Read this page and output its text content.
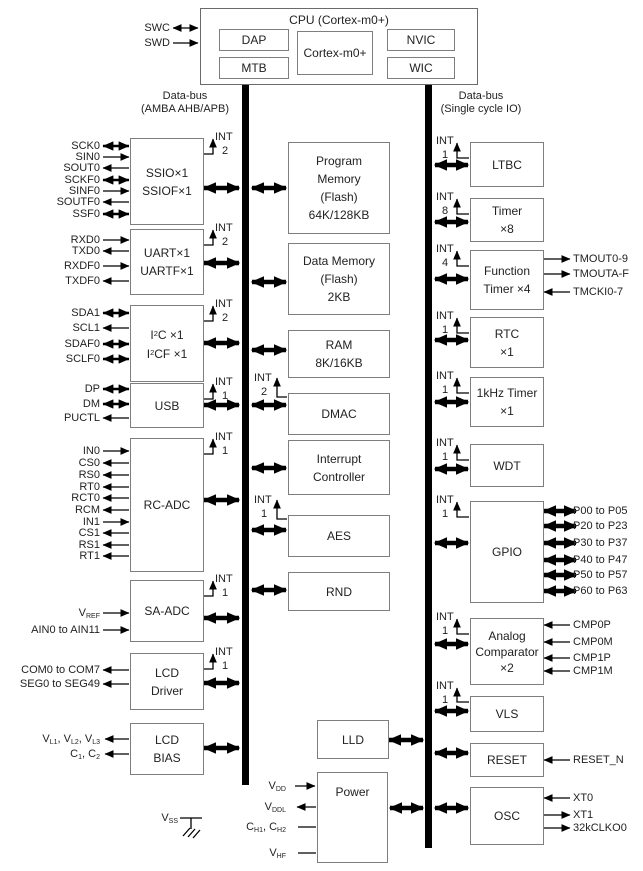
CPU (Cortex-m0+)
DAP
MTB
Cortex-m0+
NVIC
WIC
SWC
SWD
Data-bus
(AMBA AHB/APB)
Data-bus
(Single cycle IO)
SSIO×1
SSIOF×1
UART×1
UARTF×1
$I^2C \times 1$
$I^2CF \times 1$
USB
RC-ADC
SA-ADC
LCD
Driver
LCD
BIAS
Program
Memory
(Flash)
64K/128KB
Data Memory
(Flash)
2KB
RAM
8K/16KB
DMAC
Interrupt
Controller
AES
RND
LLD
Power
LTBC
Timer
×8
Function
Timer ×4
RTC
×1
1kHz Timer
×1
WDT
GPIO
Analog
Comparator
×2
VLS
RESET
OSC
SCK0
SIN0
SOUT0
SCKF0
SINF0
SOUTF0
SSF0
RXD0
TXD0
RXDF0
TXDF0
SDA1
SCL1
SDAF0
SCLF0
DP
DM
PUCTL
IN0
CS0
RS0
RT0
RCT0
RCM
IN1
CS1
RS1
RT1
VREF
AIN0 to AIN11
COM0 to COM7
SEG0 to SEG49
VL1, VL2, VL3
C1, C2
VSS
VDD
VDDL
CH1, CH2
VHF
TMOUT0-9
TMOUTA-F
TMCKI0-7
P00 to P05
P20 to P23
P30 to P37
P40 to P47
P50 to P57
P60 to P63
CMP0P
CMP0M
CMP1P
CMP1M
RESET_N
XT0
XT1
32kCLKO0
INT
2
INT
2
INT
2
INT
1
INT
1
INT
1
INT
1
INT
2
INT
1
INT
1
INT
8
INT
4
INT
1
INT
1
INT
1
INT
1
INT
1
INT
1
